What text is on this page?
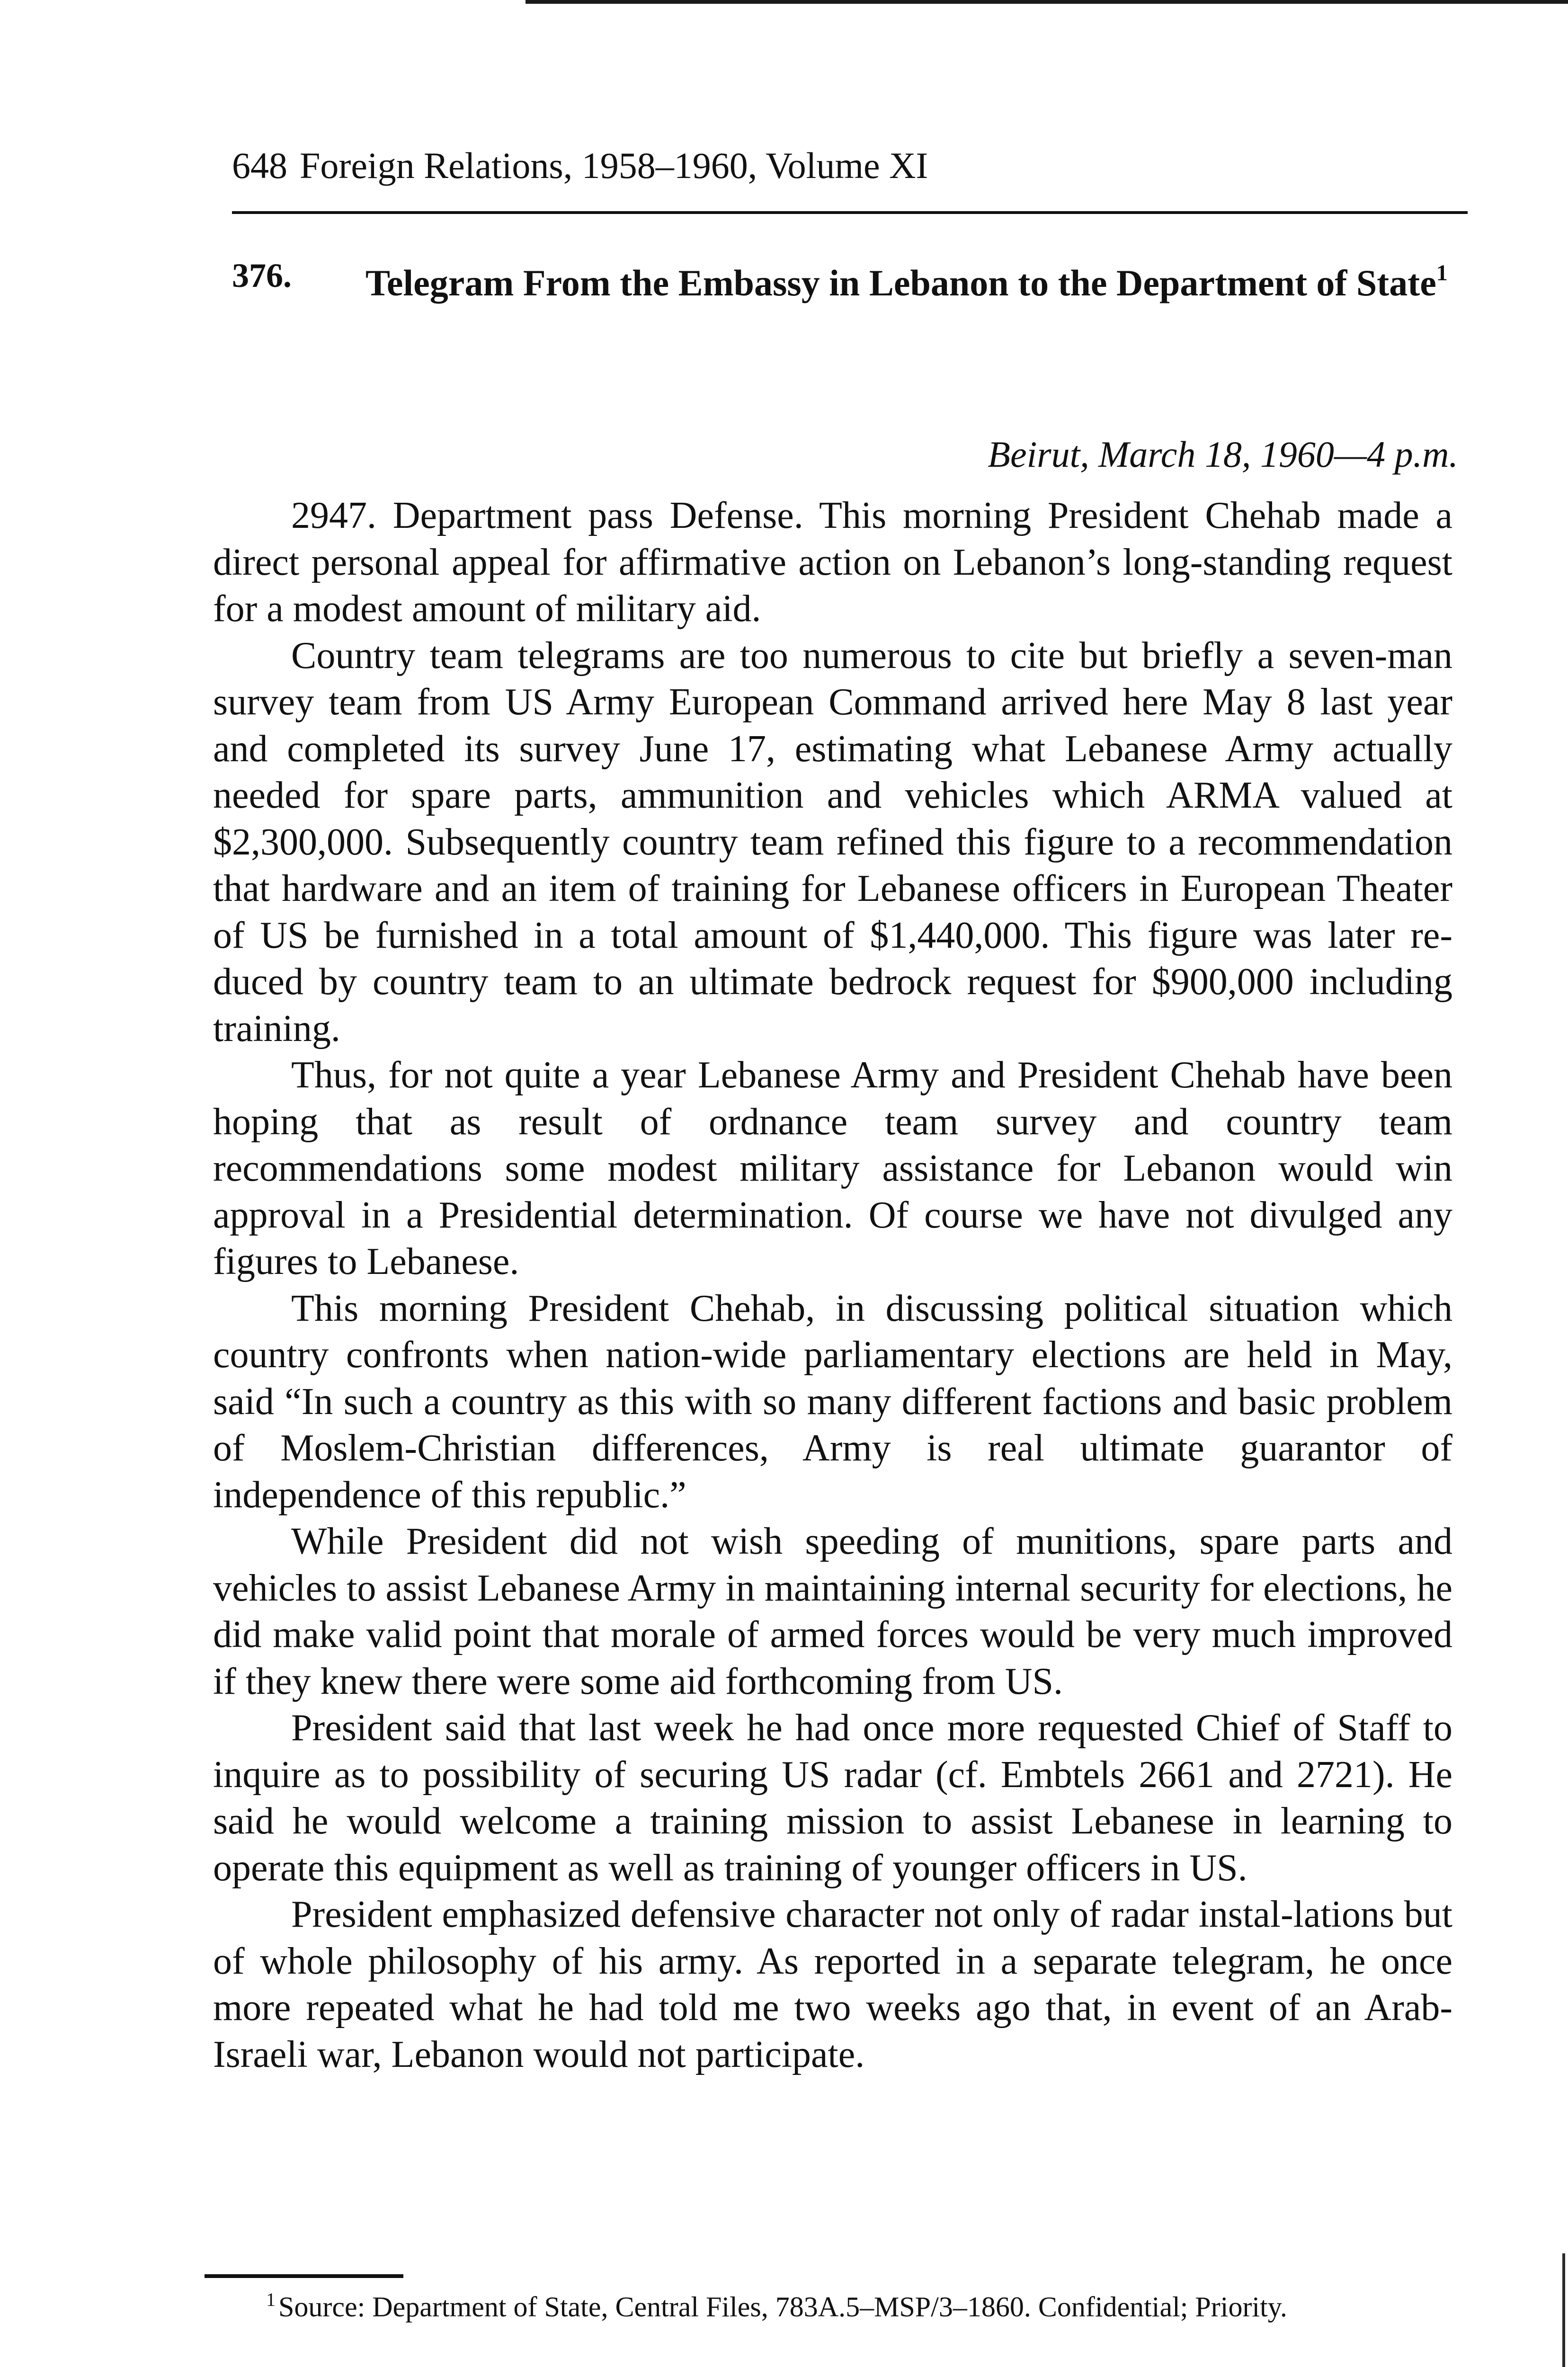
648 Foreign Relations, 1958–1960, Volume XI
376. Telegram From the Embassy in Lebanon to the Department of State$^1$
Beirut, March 18, 1960—4 p.m.

2947. Department pass Defense. This morning President Chehab made a direct personal appeal for affirmative action on Lebanon’s long-standing request for a modest amount of military aid.

Country team telegrams are too numerous to cite but briefly a seven-man survey team from US Army European Command arrived here May 8 last year and completed its survey June 17, estimating what Lebanese Army actually needed for spare parts, ammunition and vehicles which ARMA valued at $2,300,000. Subsequently country team refined this figure to a recommendation that hardware and an item of training for Lebanese officers in European Theater of US be furnished in a total amount of $1,440,000. This figure was later re-duced by country team to an ultimate bedrock request for $900,000 including training.

Thus, for not quite a year Lebanese Army and President Chehab have been hoping that as result of ordnance team survey and country team recommendations some modest military assistance for Lebanon would win approval in a Presidential determination. Of course we have not divulged any figures to Lebanese.

This morning President Chehab, in discussing political situation which country confronts when nation-wide parliamentary elections are held in May, said “In such a country as this with so many different factions and basic problem of Moslem-Christian differences, Army is real ultimate guarantor of independence of this republic.”

While President did not wish speeding of munitions, spare parts and vehicles to assist Lebanese Army in maintaining internal security for elections, he did make valid point that morale of armed forces would be very much improved if they knew there were some aid forthcoming from US.

President said that last week he had once more requested Chief of Staff to inquire as to possibility of securing US radar (cf. Embtels 2661 and 2721). He said he would welcome a training mission to assist Lebanese in learning to operate this equipment as well as training of younger officers in US.

President emphasized defensive character not only of radar instal-lations but of whole philosophy of his army. As reported in a separate telegram, he once more repeated what he had told me two weeks ago that, in event of an Arab-Israeli war, Lebanon would not participate.

$^1$ Source: Department of State, Central Files, 783A.5–MSP/3–1860. Confidential; Priority.
